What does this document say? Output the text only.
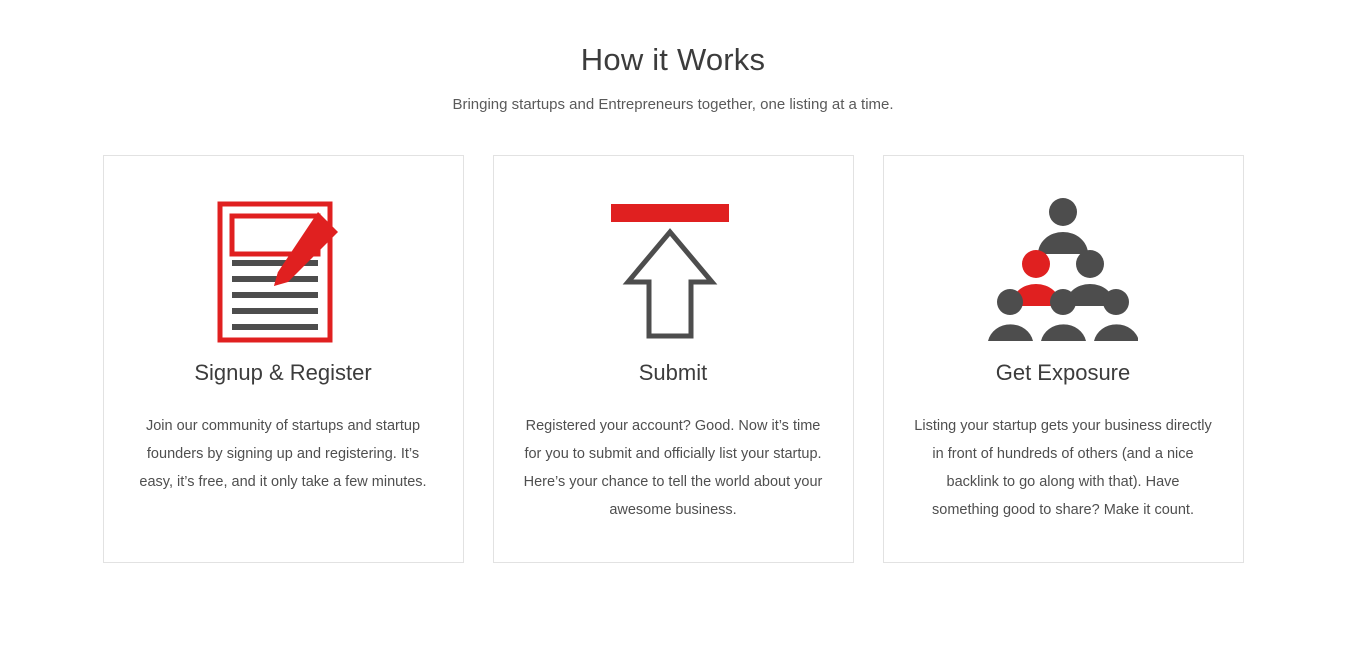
How it Works

Bringing startups and Entrepreneurs together, one listing at a time.

Signup & Register

Join our community of startups and startup founders by signing up and registering. It’s easy, it’s free, and it only take a few minutes.

Submit

Registered your account? Good. Now it’s time for you to submit and officially list your startup. Here’s your chance to tell the world about your awesome business.

Get Exposure

Listing your startup gets your business directly in front of hundreds of others (and a nice backlink to go along with that). Have something good to share? Make it count.
